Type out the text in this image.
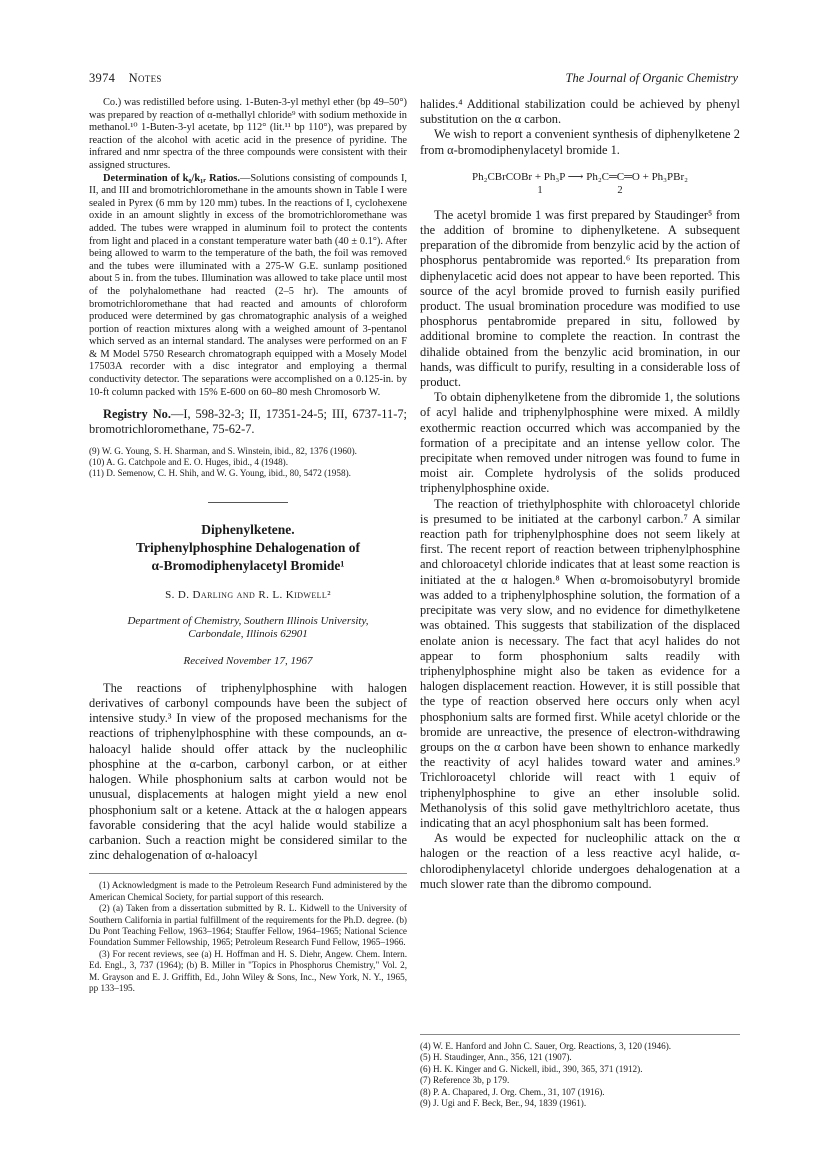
3974 Notes	The Journal of Organic Chemistry

Co.) was redistilled before using. 1-Buten-3-yl methyl ether (bp 49–50°) was prepared by reaction of α-methallyl chloride⁹ with sodium methoxide in methanol.¹⁰ 1-Buten-3-yl acetate, bp 112° (lit.¹¹ bp 110°), was prepared by reaction of the alcohol with acetic acid in the presence of pyridine. The infrared and nmr spectra of the three compounds were consistent with their assigned structures.

Determination of k₀/k₁ᵣ Ratios.—Solutions consisting of compounds I, II, and III and bromotrichloromethane in the amounts shown in Table I were sealed in Pyrex (6 mm by 120 mm) tubes. In the reactions of I, cyclohexene oxide in an amount slightly in excess of the bromotrichloromethane was added. The tubes were wrapped in aluminum foil to protect the contents from light and placed in a constant temperature water bath (40 ± 0.1°). After being allowed to warm to the temperature of the bath, the foil was removed and the tubes were illuminated with a 275-W G.E. sunlamp positioned about 5 in. from the tubes. Illumination was allowed to take place until most of the polyhalomethane had reacted (2–5 hr). The amounts of bromotrichloromethane that had reacted and amounts of chloroform produced were determined by gas chromatographic analysis of a weighed portion of reaction mixtures along with a weighed amount of 3-pentanol which served as an internal standard. The analyses were performed on an F & M Model 5750 Research chromatograph equipped with a Mosely Model 17503A recorder with a disc integrator and employing a thermal conductivity detector. The separations were accomplished on a 0.125-in. by 10-ft column packed with 15% E-600 on 60–80 mesh Chromosorb W.

Registry No.—I, 598-32-3; II, 17351-24-5; III, 6737-11-7; bromotrichloromethane, 75-62-7.

(9) W. G. Young, S. H. Sharman, and S. Winstein, ibid., 82, 1376 (1960).
(10) A. G. Catchpole and E. O. Huges, ibid., 4 (1948).
(11) D. Semenow, C. H. Shih, and W. G. Young, ibid., 80, 5472 (1958).
Diphenylketene.
Triphenylphosphine Dehalogenation of
α-Bromodiphenylacetyl Bromide¹
S. D. Darling and R. L. Kidwell²
Department of Chemistry, Southern Illinois University,
Carbondale, Illinois 62901
Received November 17, 1967

The reactions of triphenylphosphine with halogen derivatives of carbonyl compounds have been the subject of intensive study.³ In view of the proposed mechanisms for the reactions of triphenylphosphine with these compounds, an α-haloacyl halide should offer attack by the nucleophilic phosphine at the α-carbon, carbonyl carbon, or at either halogen. While phosphonium salts at carbon would not be unusual, displacements at halogen might yield a new enol phosphonium salt or a ketene. Attack at the α halogen appears favorable considering that the acyl halide would stabilize a carbanion. Such a reaction might be considered similar to the zinc dehalogenation of α-haloacyl

(1) Acknowledgment is made to the Petroleum Research Fund administered by the American Chemical Society, for partial support of this research.
(2) (a) Taken from a dissertation submitted by R. L. Kidwell to the University of Southern California in partial fulfillment of the requirements for the Ph.D. degree. (b) Du Pont Teaching Fellow, 1963–1964; Stauffer Fellow, 1964–1965; National Science Foundation Summer Fellowship, 1965; Petroleum Research Fund Fellow, 1965–1966.
(3) For recent reviews, see (a) H. Hoffman and H. S. Diehr, Angew. Chem. Intern. Ed. Engl., 3, 737 (1964); (b) B. Miller in "Topics in Phosphorus Chemistry," Vol. 2, M. Grayson and E. J. Griffith, Ed., John Wiley & Sons, Inc., New York, N. Y., 1965, pp 133–195.

halides.⁴ Additional stabilization could be achieved by phenyl substitution on the α carbon.

We wish to report a convenient synthesis of diphenylketene 2 from α-bromodiphenylacetyl bromide 1.

Ph₂CBrCOBr + Ph₃P ⟶ Ph₂C═C═O + Ph₃PBr₂
1	2

The acetyl bromide 1 was first prepared by Staudinger⁵ from the addition of bromine to diphenylketene. A subsequent preparation of the dibromide from benzylic acid by the action of phosphorus pentabromide was reported.⁶ Its preparation from diphenylacetic acid does not appear to have been reported. This source of the acyl bromide proved to furnish easily purified product. The usual bromination procedure was modified to use phosphorus pentabromide prepared in situ, followed by additional bromine to complete the reaction. In contrast the dihalide obtained from the benzylic acid bromination, in our hands, was difficult to purify, resulting in a considerable loss of product.

To obtain diphenylketene from the dibromide 1, the solutions of acyl halide and triphenylphosphine were mixed. A mildly exothermic reaction occurred which was accompanied by the formation of a precipitate and an intense yellow color. The precipitate when removed under nitrogen was found to fume in moist air. Complete hydrolysis of the solids produced triphenylphosphine oxide.

The reaction of triethylphosphite with chloroacetyl chloride is presumed to be initiated at the carbonyl carbon.⁷ A similar reaction path for triphenylphosphine does not seem likely at first. The recent report of reaction between triphenylphosphine and chloroacetyl chloride indicates that at least some reaction is initiated at the α halogen.⁸ When α-bromoisobutyryl bromide was added to a triphenylphosphine solution, the formation of a precipitate was very slow, and no evidence for dimethylketene was obtained. This suggests that stabilization of the displaced enolate anion is necessary. The fact that acyl halides do not appear to form phosphonium salts readily with triphenylphosphine might also be taken as evidence for a halogen displacement reaction. However, it is still possible that the type of reaction observed here occurs only when acyl phosphonium salts are formed first. While acetyl chloride or the bromide are unreactive, the presence of electron-withdrawing groups on the α carbon have been shown to enhance markedly the reactivity of acyl halides toward water and amines.⁹ Trichloroacetyl chloride will react with 1 equiv of triphenylphosphine to give an ether insoluble solid. Methanolysis of this solid gave methyltrichloro acetate, thus indicating that an acyl phosphonium salt has been formed.

As would be expected for nucleophilic attack on the α halogen or the reaction of a less reactive acyl halide, α-chlorodiphenylacetyl chloride undergoes dehalogenation at a much slower rate than the dibromo compound.

(4) W. E. Hanford and John C. Sauer, Org. Reactions, 3, 120 (1946).
(5) H. Staudinger, Ann., 356, 121 (1907).
(6) H. K. Kinger and G. Nickell, ibid., 390, 365, 371 (1912).
(7) Reference 3b, p 179.
(8) P. A. Chapared, J. Org. Chem., 31, 107 (1916).
(9) J. Ugi and F. Beck, Ber., 94, 1839 (1961).
